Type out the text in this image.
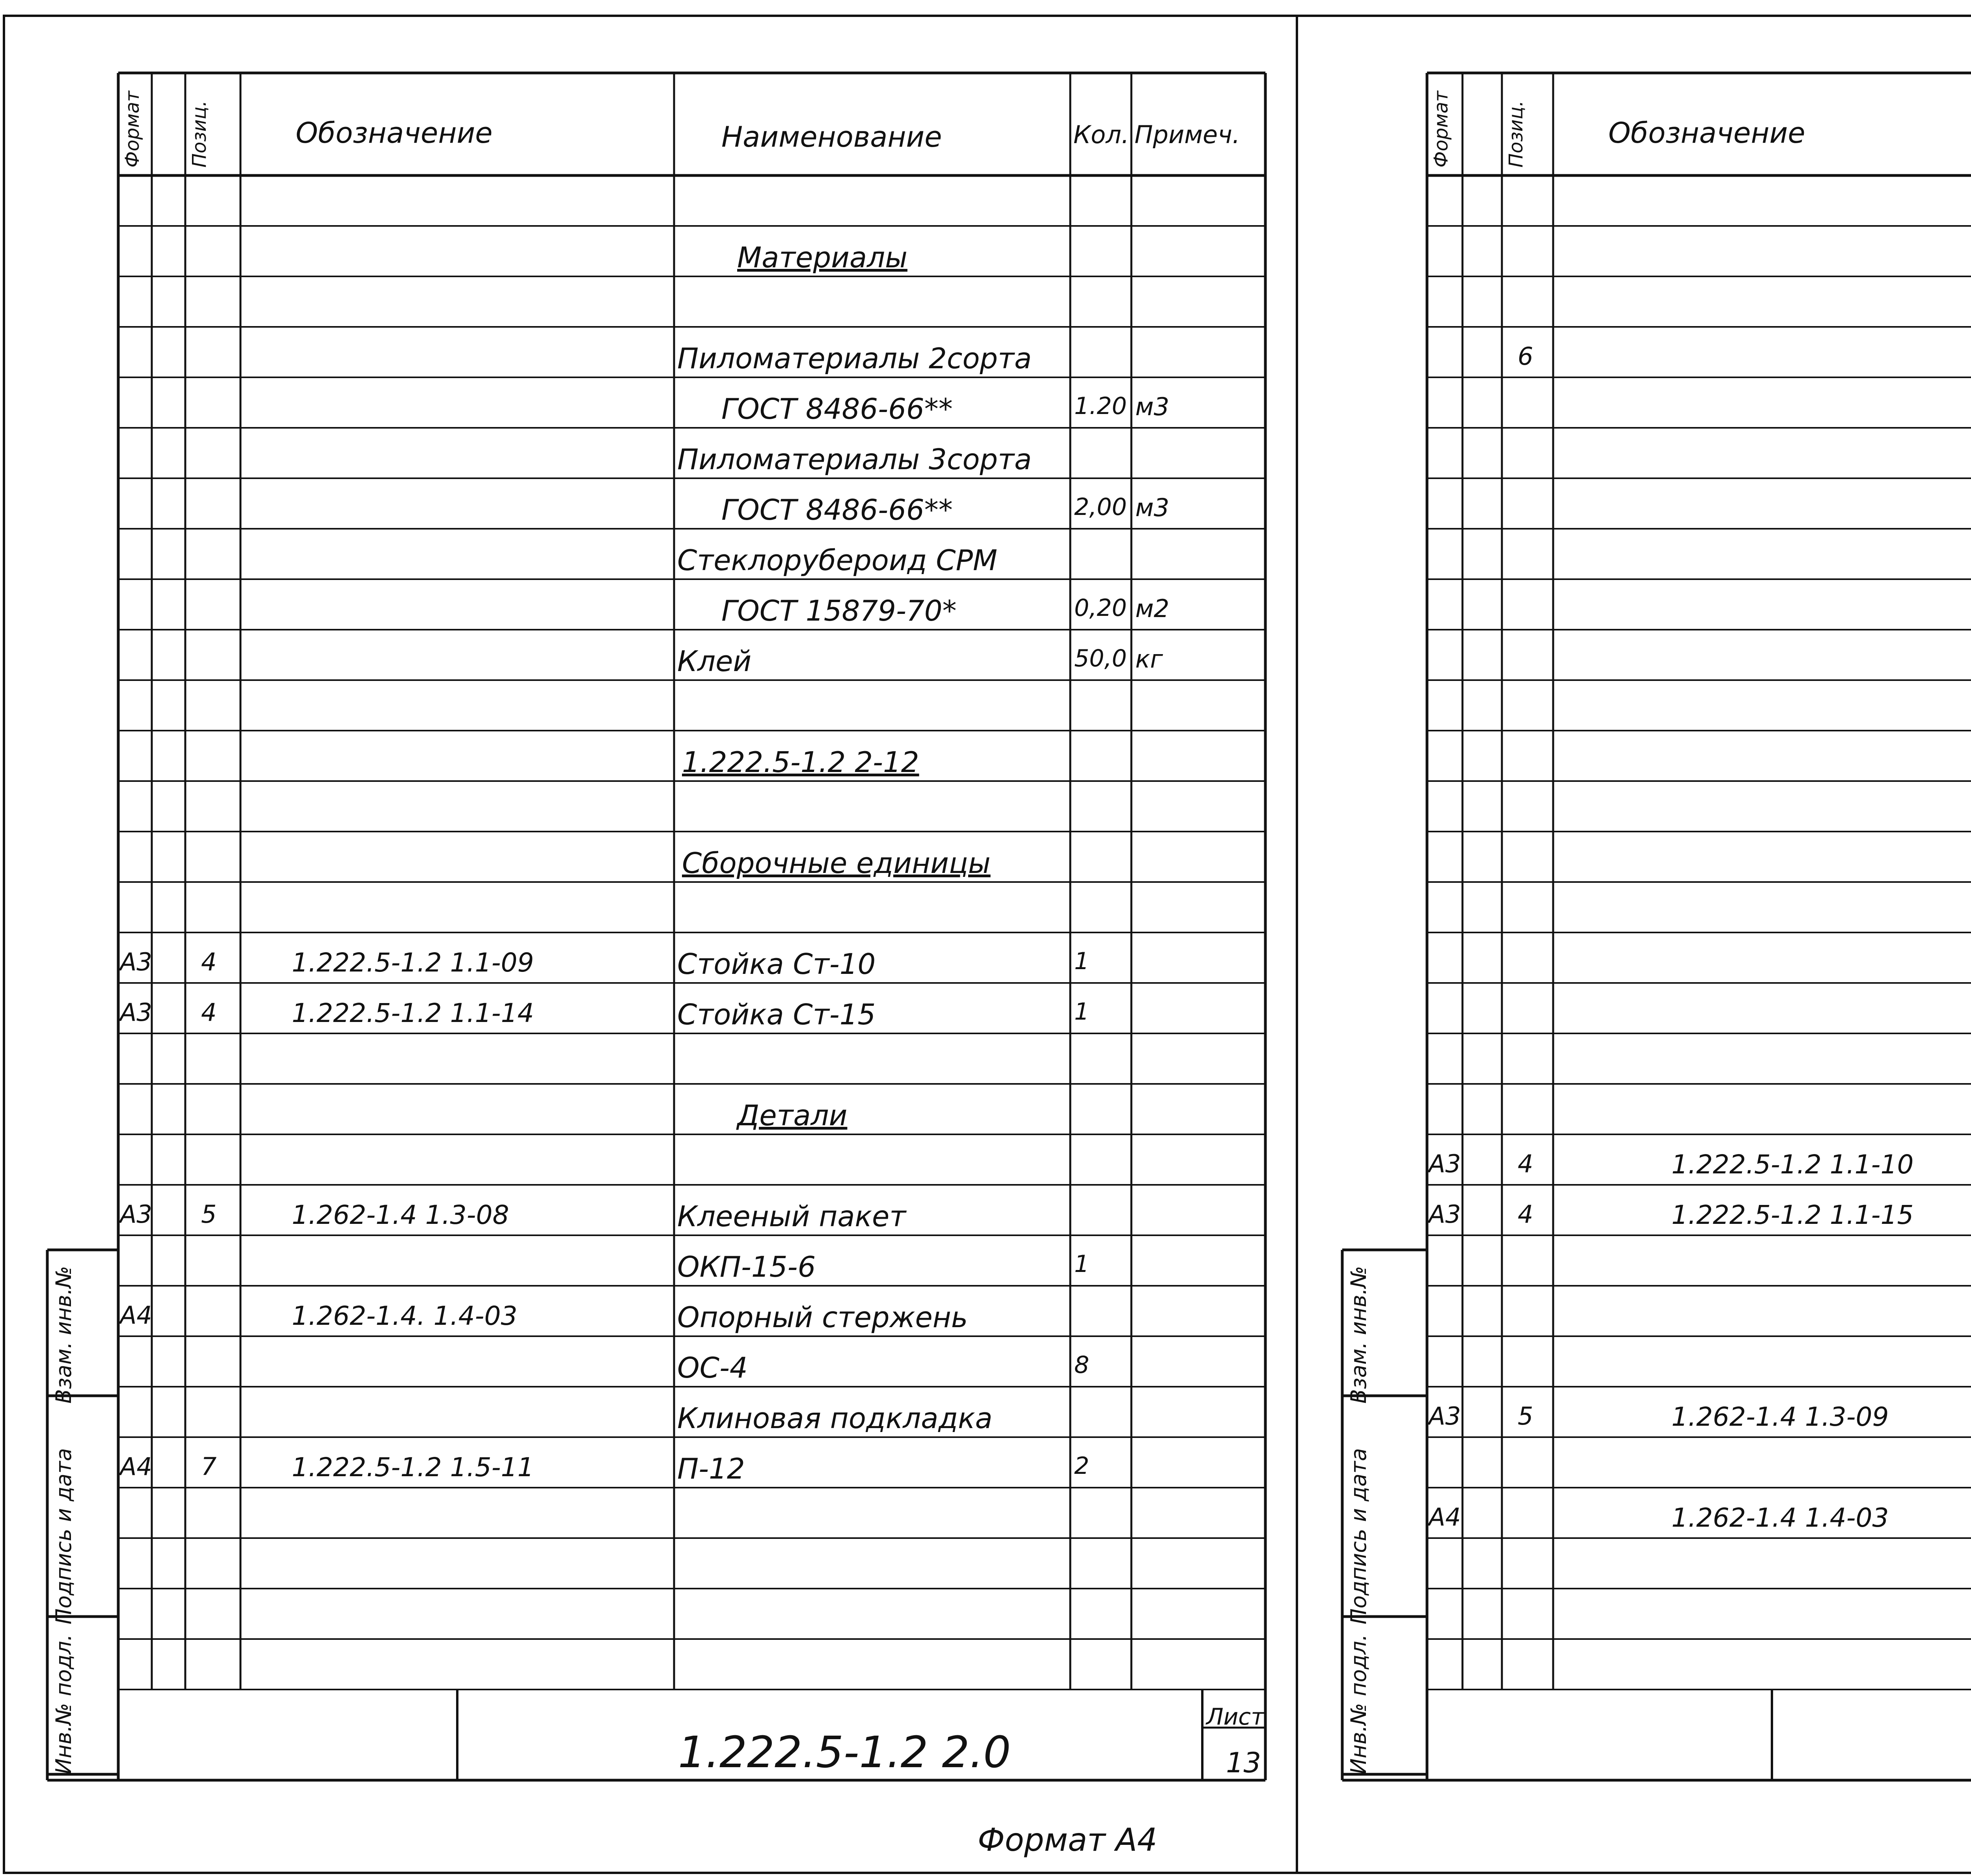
Формат Позиц.	Обозначение	Наименование	Кол. Примеч.
Материалы
Пиломатериалы 2сорта
ГОСТ 8486-66**	1.20 м3
Пиломатериалы 3сорта
ГОСТ 8486-66**	2,00 м3
Стеклорубероид СРМ
ГОСТ 15879-70*	0,20 м2
Клей	50,0 кг
1.222.5-1.2 2-12
Сборочные единицы
А3 4	1.222.5-1.2 1.1-09	Стойка Ст-10	1
А3 4	1.222.5-1.2 1.1-14	Стойка Ст-15	1
Детали
А3 5	1.262-1.4 1.3-08	Клееный пакет
ОКП-15-6	1
А4	1.262-1.4. 1.4-03	Опорный стержень
ОС-4	8
Клиновая подкладка
А4 7	1.222.5-1.2 1.5-11	П-12	2
Формат	Позиц.	Обозначение
6
А3 4	1.222.5-1.2 1.1-10
А3 4	1.222.5-1.2 1.1-15
А3 5	1.262-1.4 1.3-09
А4	1.262-1.4 1.4-03
1.222.5-1.2 2.0
Лист
13
Формат А4
Инв.№ подл.
Подпись и дата
Взам. инв.№
Инв.№ подл.
Подпись и дата
Взам. инв.№
